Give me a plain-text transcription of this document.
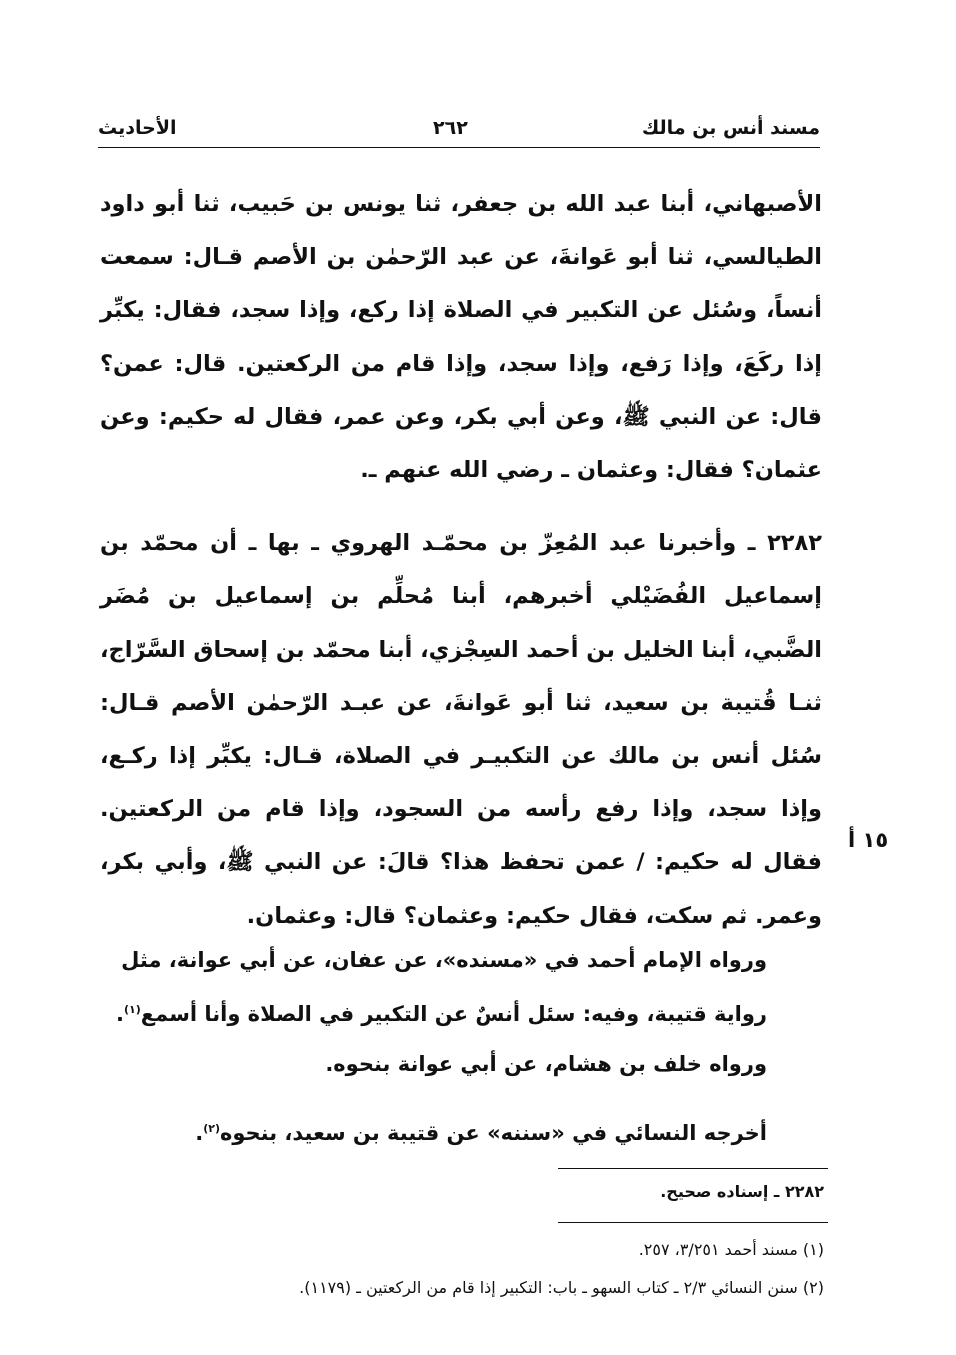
مسند أنس بن مالك
٢٦٢
الأحاديث

الأصبهاني، أبنا عبد الله بن جعفر، ثنا يونس بن حَبيب، ثنا أبو داود الطيالسي، ثنا أبو عَوانةَ، عن عبد الرّحمٰن بن الأصم قـال: سمعت أنساً، وسُئل عن التكبير في الصلاة إذا ركع، وإذا سجد، فقال: يكبِّر إذا ركَعَ، وإذا رَفع، وإذا سجد، وإذا قام من الركعتين. قال: عمن؟ قال: عن النبي ﷺ، وعن أبي بكر، وعن عمر، فقال له حكيم: وعن عثمان؟ فقال: وعثمان ـ رضي الله عنهم ـ.

٢٢٨٢ ـ وأخبرنا عبد المُعِزّ بن محمّـد الهروي ـ بها ـ أن محمّد بن إسماعيل الفُضَيْلي أخبرهم، أبنا مُحلِّم بن إسماعيل بن مُضَر الضَّبي، أبنا الخليل بن أحمد السِجْزي، أبنا محمّد بن إسحاق السَّرّاج، ثنـا قُتيبة بن سعيد، ثنا أبو عَوانةَ، عن عبـد الرّحمٰن الأصم قـال: سُئل أنس بن مالك عن التكبيـر في الصلاة، قـال: يكبِّر إذا ركـع، وإذا سجد، وإذا رفع رأسه من السجود، وإذا قام من الركعتين. فقال له حكيم: / عمن تحفظ هذا؟ قالَ: عن النبي ﷺ، وأبي بكر، وعمر. ثم سكت، فقال حكيم: وعثمان؟ قال: وعثمان.

١٥ أ

ورواه الإمام أحمد في «مسنده»، عن عفان، عن أبي عوانة، مثل رواية قتيبة، وفيه: سئل أنسٌ عن التكبير في الصلاة وأنا أسمع$^{(١)}$.

ورواه خلف بن هشام، عن أبي عوانة بنحوه.

أخرجه النسائي في «سننه» عن قتيبة بن سعيد، بنحوه$^{(٢)}$.

٢٢٨٢ ـ إسناده صحيح.
(١) مسند أحمد ٣/٢٥١، ٢٥٧.
(٢) سنن النسائي ٢/٣ ـ كتاب السهو ـ باب: التكبير إذا قام من الركعتين ـ (١١٧٩).
